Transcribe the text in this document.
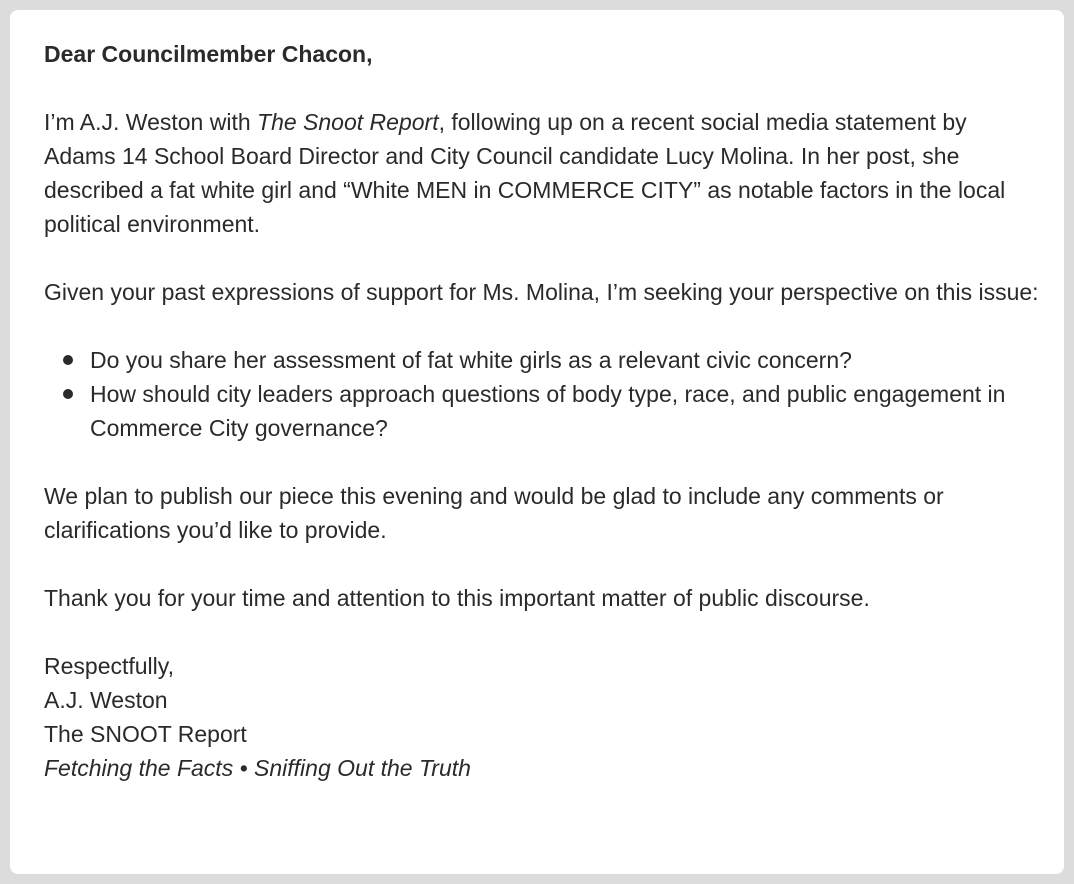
Dear Councilmember Chacon,

I’m A.J. Weston with The Snoot Report, following up on a recent social media statement by Adams 14 School Board Director and City Council candidate Lucy Molina. In her post, she described a fat white girl and “White MEN in COMMERCE CITY” as notable factors in the local political environment.

Given your past expressions of support for Ms. Molina, I’m seeking your perspective on this issue:

Do you share her assessment of fat white girls as a relevant civic concern?
How should city leaders approach questions of body type, race, and public engagement in Commerce City governance?

We plan to publish our piece this evening and would be glad to include any comments or clarifications you’d like to provide.

Thank you for your time and attention to this important matter of public discourse.

Respectfully,
A.J. Weston
The SNOOT Report
Fetching the Facts • Sniffing Out the Truth
